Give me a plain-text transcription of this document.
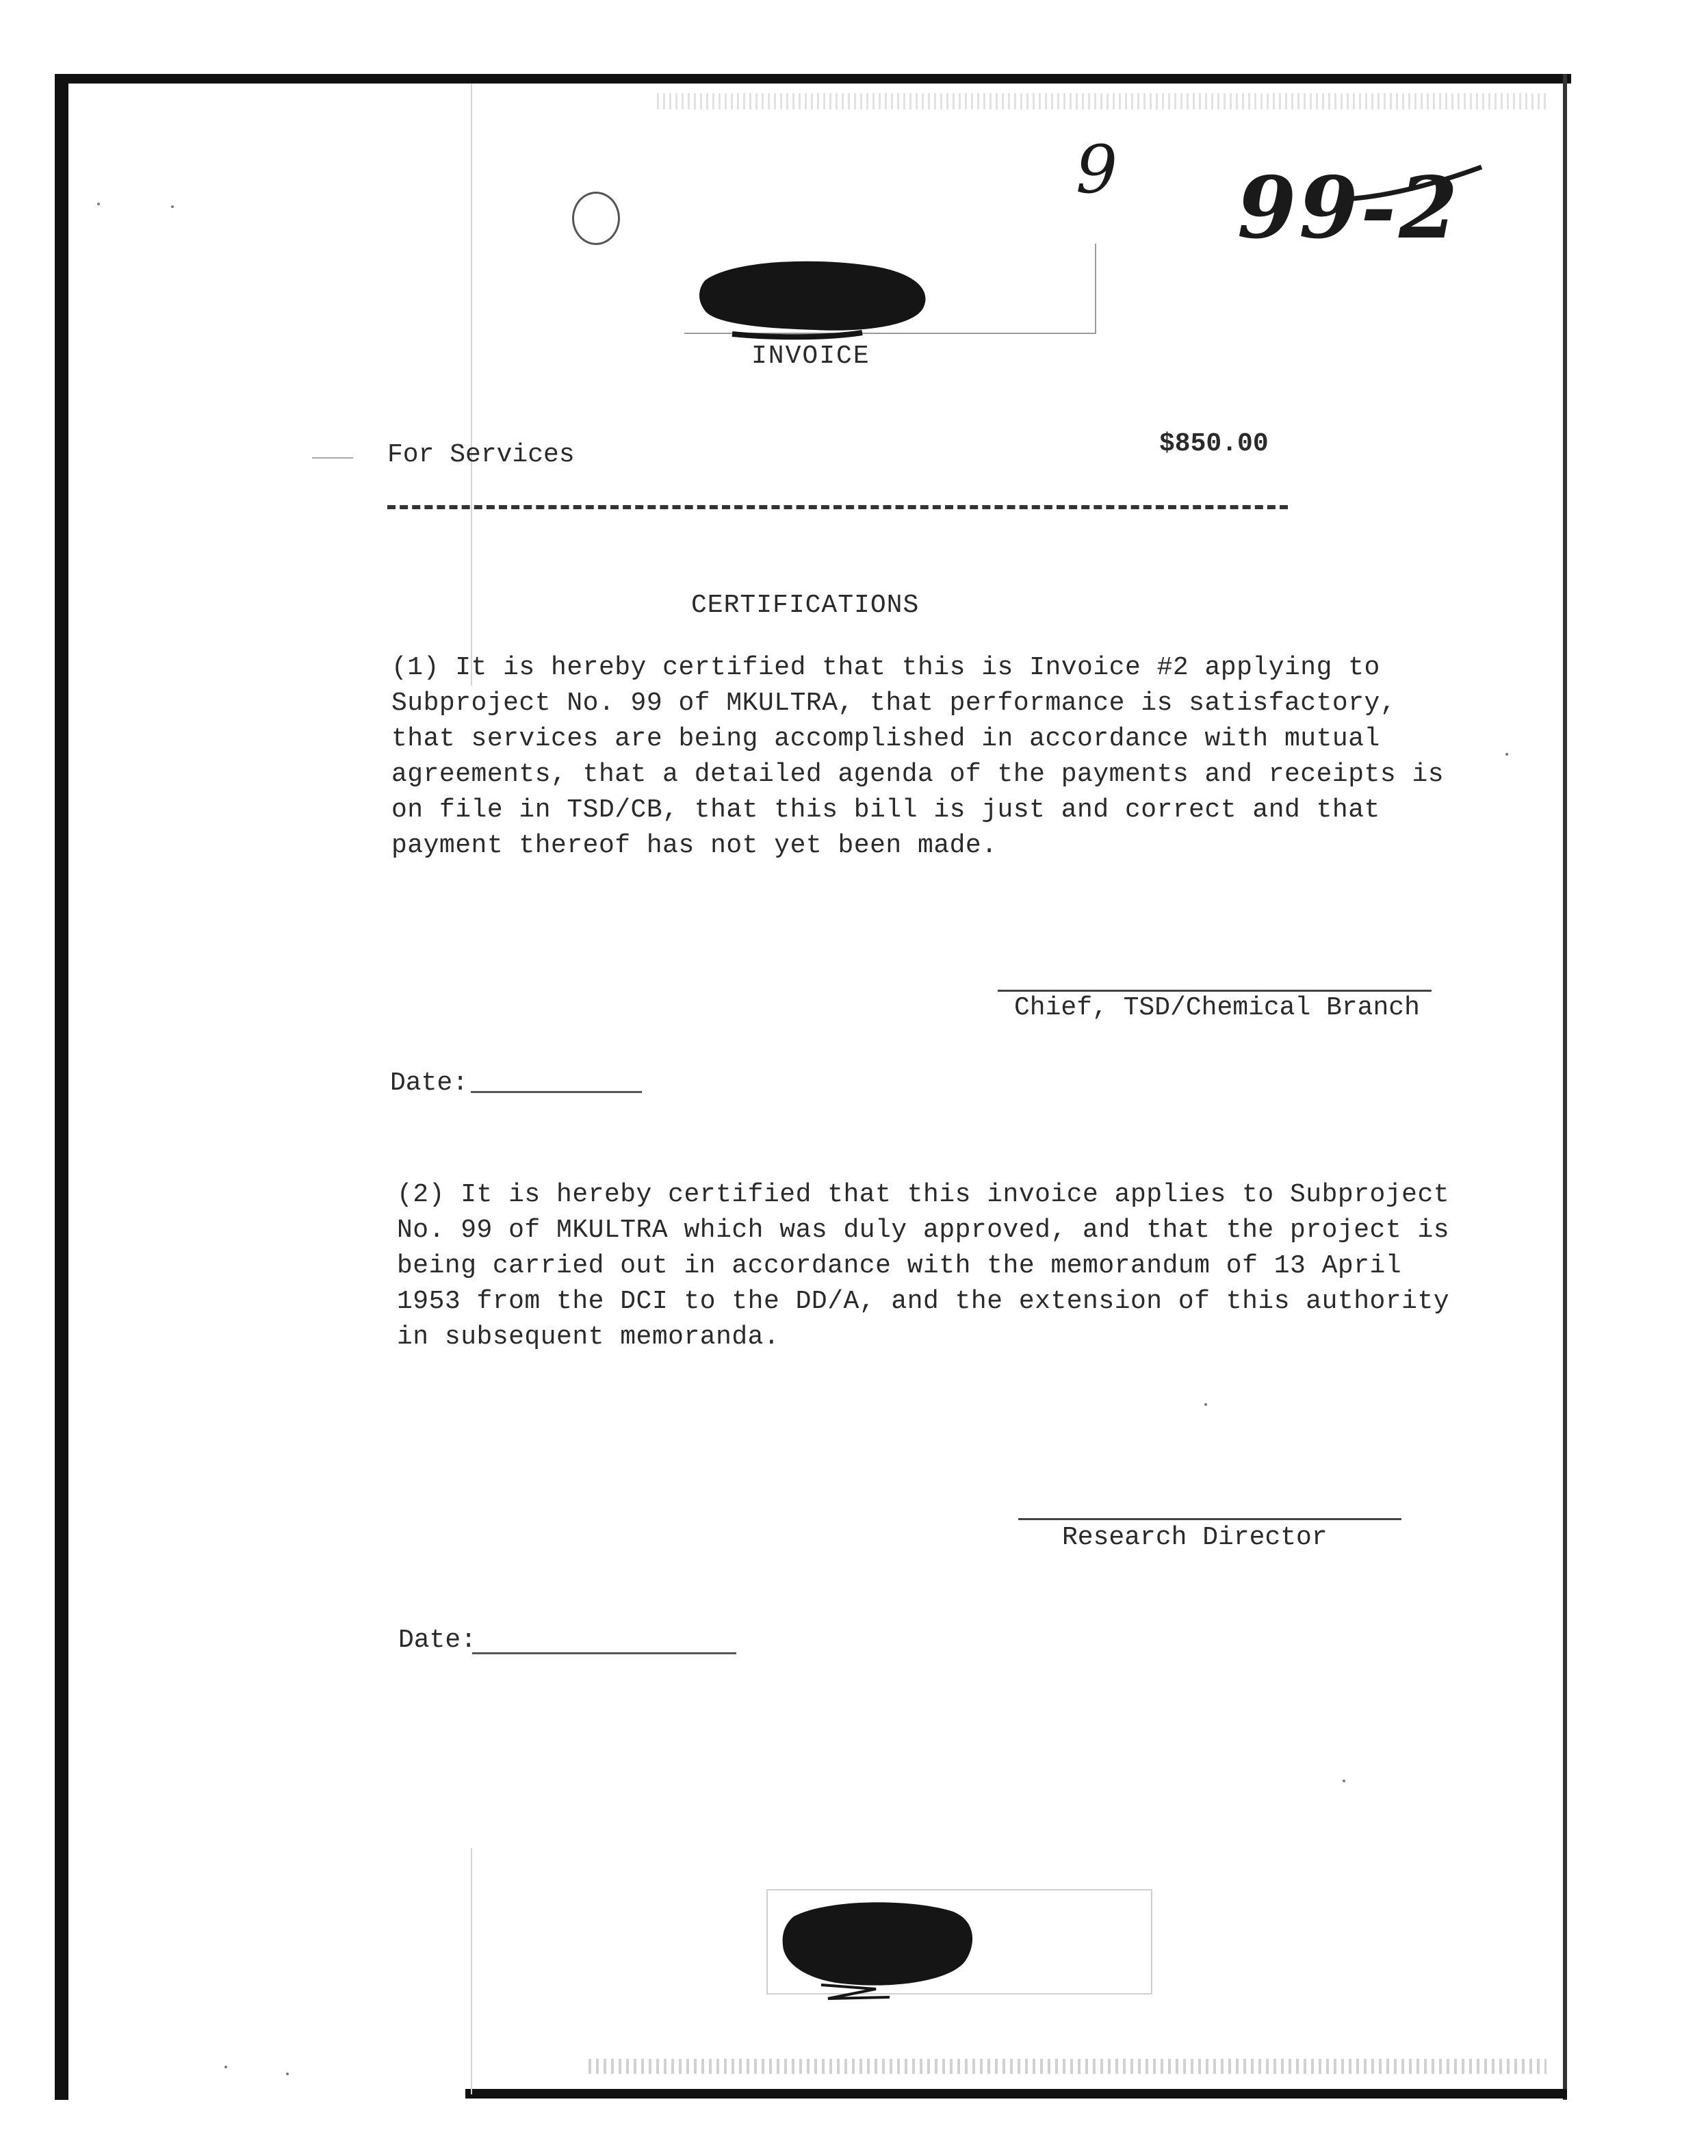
9 99-2
INVOICE
For Services	$850.00
CERTIFICATIONS
(1) It is hereby certified that this is Invoice #2 applying to Subproject No. 99 of MKULTRA, that performance is satisfactory, that services are being accomplished in accordance with mutual agreements, that a detailed agenda of the payments and receipts is on file in TSD/CB, that this bill is just and correct and that payment thereof has not yet been made.
Chief, TSD/Chemical Branch
Date:
(2) It is hereby certified that this invoice applies to Subproject No. 99 of MKULTRA which was duly approved, and that the project is being carried out in accordance with the memorandum of 13 April 1953 from the DCI to the DD/A, and the extension of this authority in subsequent memoranda.
Research Director
Date:
